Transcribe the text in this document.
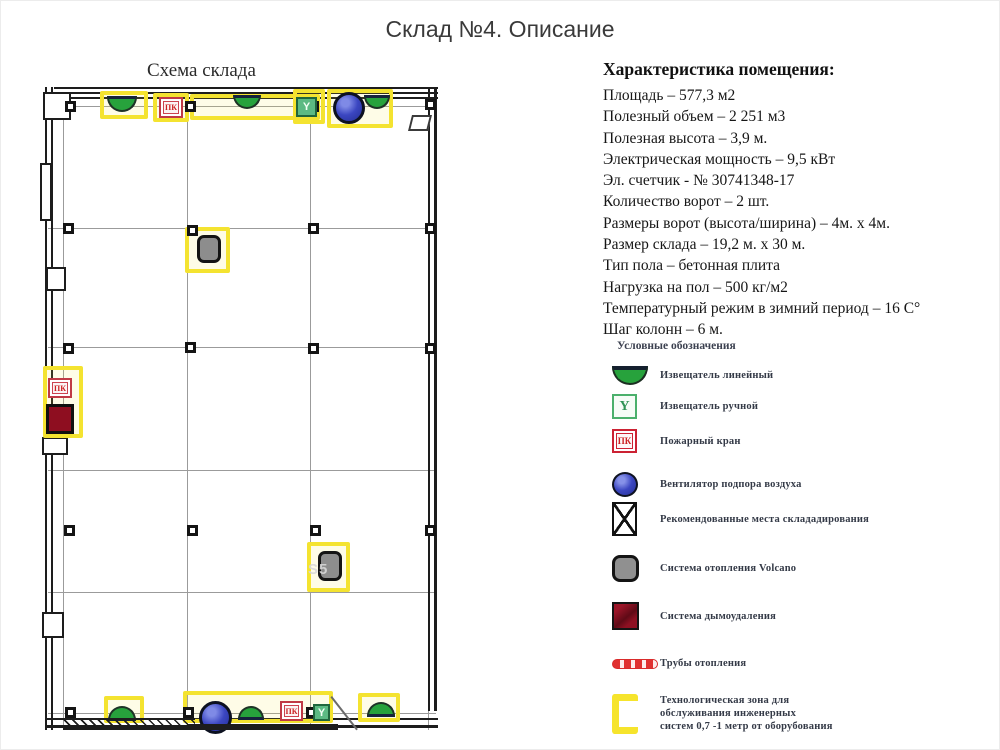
Склад №4. Описание
Схема склада
S5
ПК	Y
ПК
ПК	Y
Характеристика помещения:
Площадь – 577,3 м2
Полезный объем – 2 251 м3
Полезная высота – 3,9 м.
Электрическая мощность – 9,5 кВт
Эл. счетчик - № 30741348-17
Количество ворот – 2 шт.
Размеры ворот (высота/ширина) – 4м. х 4м.
Размер склада – 19,2 м. х 30 м.
Тип пола – бетонная плита
Нагрузка на пол – 500 кг/м2
Температурный режим в зимний период – 16 С°
Шаг колонн – 6 м.
Условные обозначения
Извещатель линейный
Y	Извещатель ручной
ПК	Пожарный кран
Вентилятор подпора воздуха
Рекомендованные места склададирования
Система отопления Volcano
Система дымоудаления
Трубы отопления
Технологическая зона для
обслуживания инженерных
систем 0,7 -1 метр от оборубования
